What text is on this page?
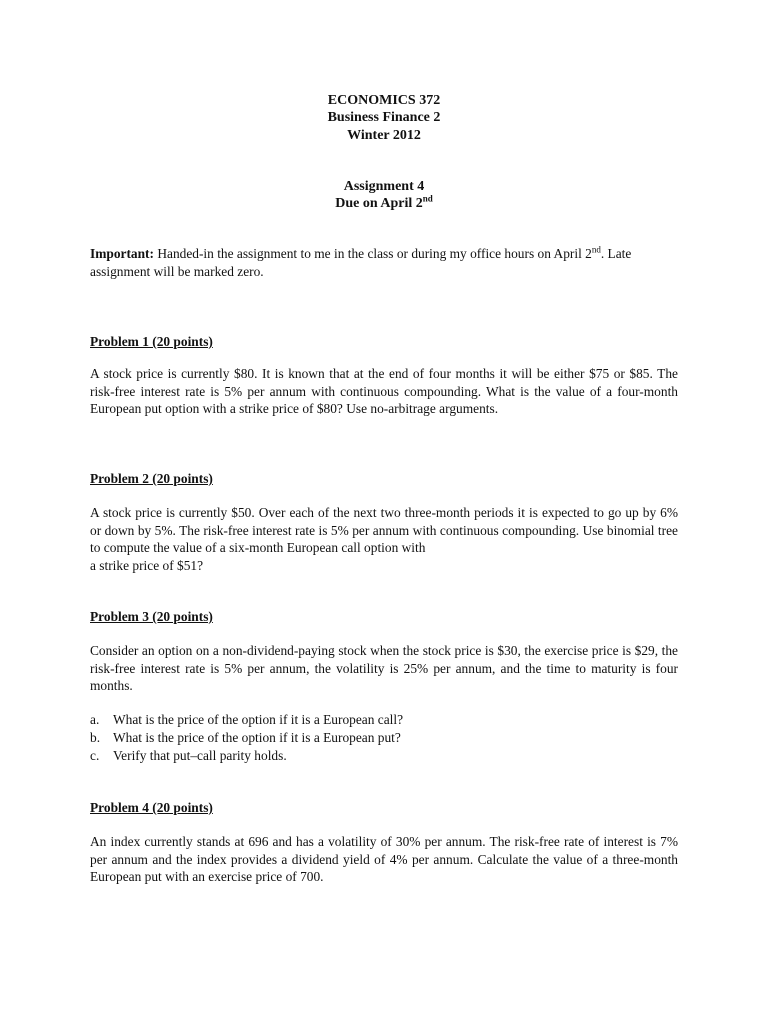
ECONOMICS 372
Business Finance 2
Winter 2012
Assignment 4
Due on April 2nd
Important: Handed-in the assignment to me in the class or during my office hours on April 2nd. Late assignment will be marked zero.
Problem 1 (20 points)
A stock price is currently $80. It is known that at the end of four months it will be either $75 or $85. The risk-free interest rate is 5% per annum with continuous compounding. What is the value of a four-month European put option with a strike price of $80? Use no-arbitrage arguments.
Problem 2 (20 points)
A stock price is currently $50. Over each of the next two three-month periods it is expected to go up by 6% or down by 5%. The risk-free interest rate is 5% per annum with continuous compounding. Use binomial tree to compute the value of a six-month European call option with
a strike price of $51?
Problem 3 (20 points)
Consider an option on a non-dividend-paying stock when the stock price is $30, the exercise price is $29, the risk-free interest rate is 5% per annum, the volatility is 25% per annum, and the time to maturity is four months.
a.	What is the price of the option if it is a European call?
b. What is the price of the option if it is a European put?
c.	Verify that put–call parity holds.
Problem 4 (20 points)
An index currently stands at 696 and has a volatility of 30% per annum. The risk-free rate of interest is 7% per annum and the index provides a dividend yield of 4% per annum. Calculate the value of a three-month European put with an exercise price of 700.
